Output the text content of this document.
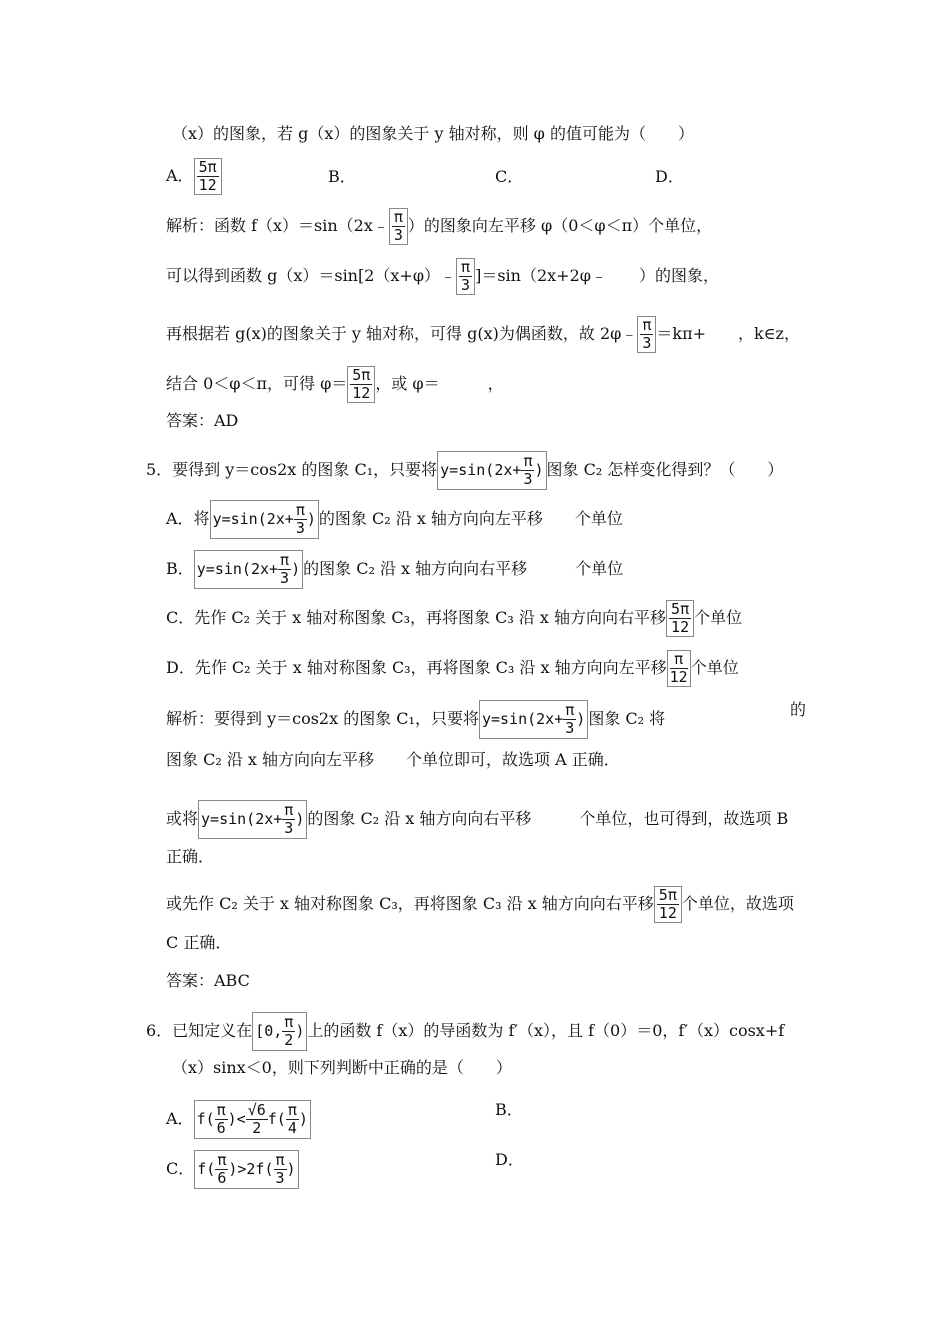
（x）的图象，若 g（x）的图象关于 y 轴对称，则 φ 的值可能为（　　）
A． $\frac{5\pi}{12}$	B．	C．	D．
解析：函数 f（x）＝sin（2x﹣ $\frac{\pi}{3}$ ）的图象向左平移 φ（0＜φ＜π）个单位，
可以得到函数 g（x）＝sin[2（x+φ）﹣ $\frac{\pi}{3}$ ]＝sin（2x+2φ﹣　　）的图象，
再根据若 g(x)的图象关于 y 轴对称，可得 g(x)为偶函数，故 2φ﹣ $\frac{\pi}{3} =k\pi+$　　，k∈z，
结合 0＜φ＜π，可得 $\varphi= \frac{5\pi}{12}$ ，或 φ＝　　　，
答案：AD
5．要得到 y＝cos2x 的图象 C₁，只要将 $y=\sin(2x+ \frac{\pi}{3}$ ) 图象 C₂ 怎样变化得到？（　　）
A．将 $y=\sin(2x+ \frac{\pi}{3}$ ) 的图象 C₂ 沿 x 轴方向向左平移　　个单位
B． $y=\sin(2x+ \frac{\pi}{3}$ ) 的图象 C₂ 沿 x 轴方向向右平移　　　个单位
C．先作 C₂ 关于 x 轴对称图象 C₃，再将图象 C₃ 沿 x 轴方向向右平移 $\frac{5\pi}{12}$ 个单位
D．先作 C₂ 关于 x 轴对称图象 C₃，再将图象 C₃ 沿 x 轴方向向左平移 $\frac{\pi}{12}$ 个单位
解析：要得到 y＝cos2x 的图象 C₁，只要将 $y=\sin(2x+ \frac{\pi}{3}$ ) 图象 C₂ 将	的
图象 C₂ 沿 x 轴方向向左平移　　个单位即可，故选项 A 正确．
或将 $y=\sin(2x+ \frac{\pi}{3}$ ) 的图象 C₂ 沿 x 轴方向向右平移　　　个单位，也可得到，故选项 B
正确．
或先作 C₂ 关于 x 轴对称图象 C₃，再将图象 C₃ 沿 x 轴方向向右平移 $\frac{5\pi}{12}$ 个单位，故选项
C 正确．
答案：ABC
6．已知定义在 [0, $\frac{\pi}{2}$ ) 上的函数 f（x）的导函数为 f′（x），且 f（0）＝0，f′（x）cosx+f
（x）sinx＜0，则下列判断中正确的是（　　）
A． $f( \frac{\pi}{6}$ )< $\frac{√6}{2} f( \frac{\pi}{4}$ )	B．
C． $f( \frac{\pi}{6} )>2f( \frac{\pi}{3}$ )	D．
